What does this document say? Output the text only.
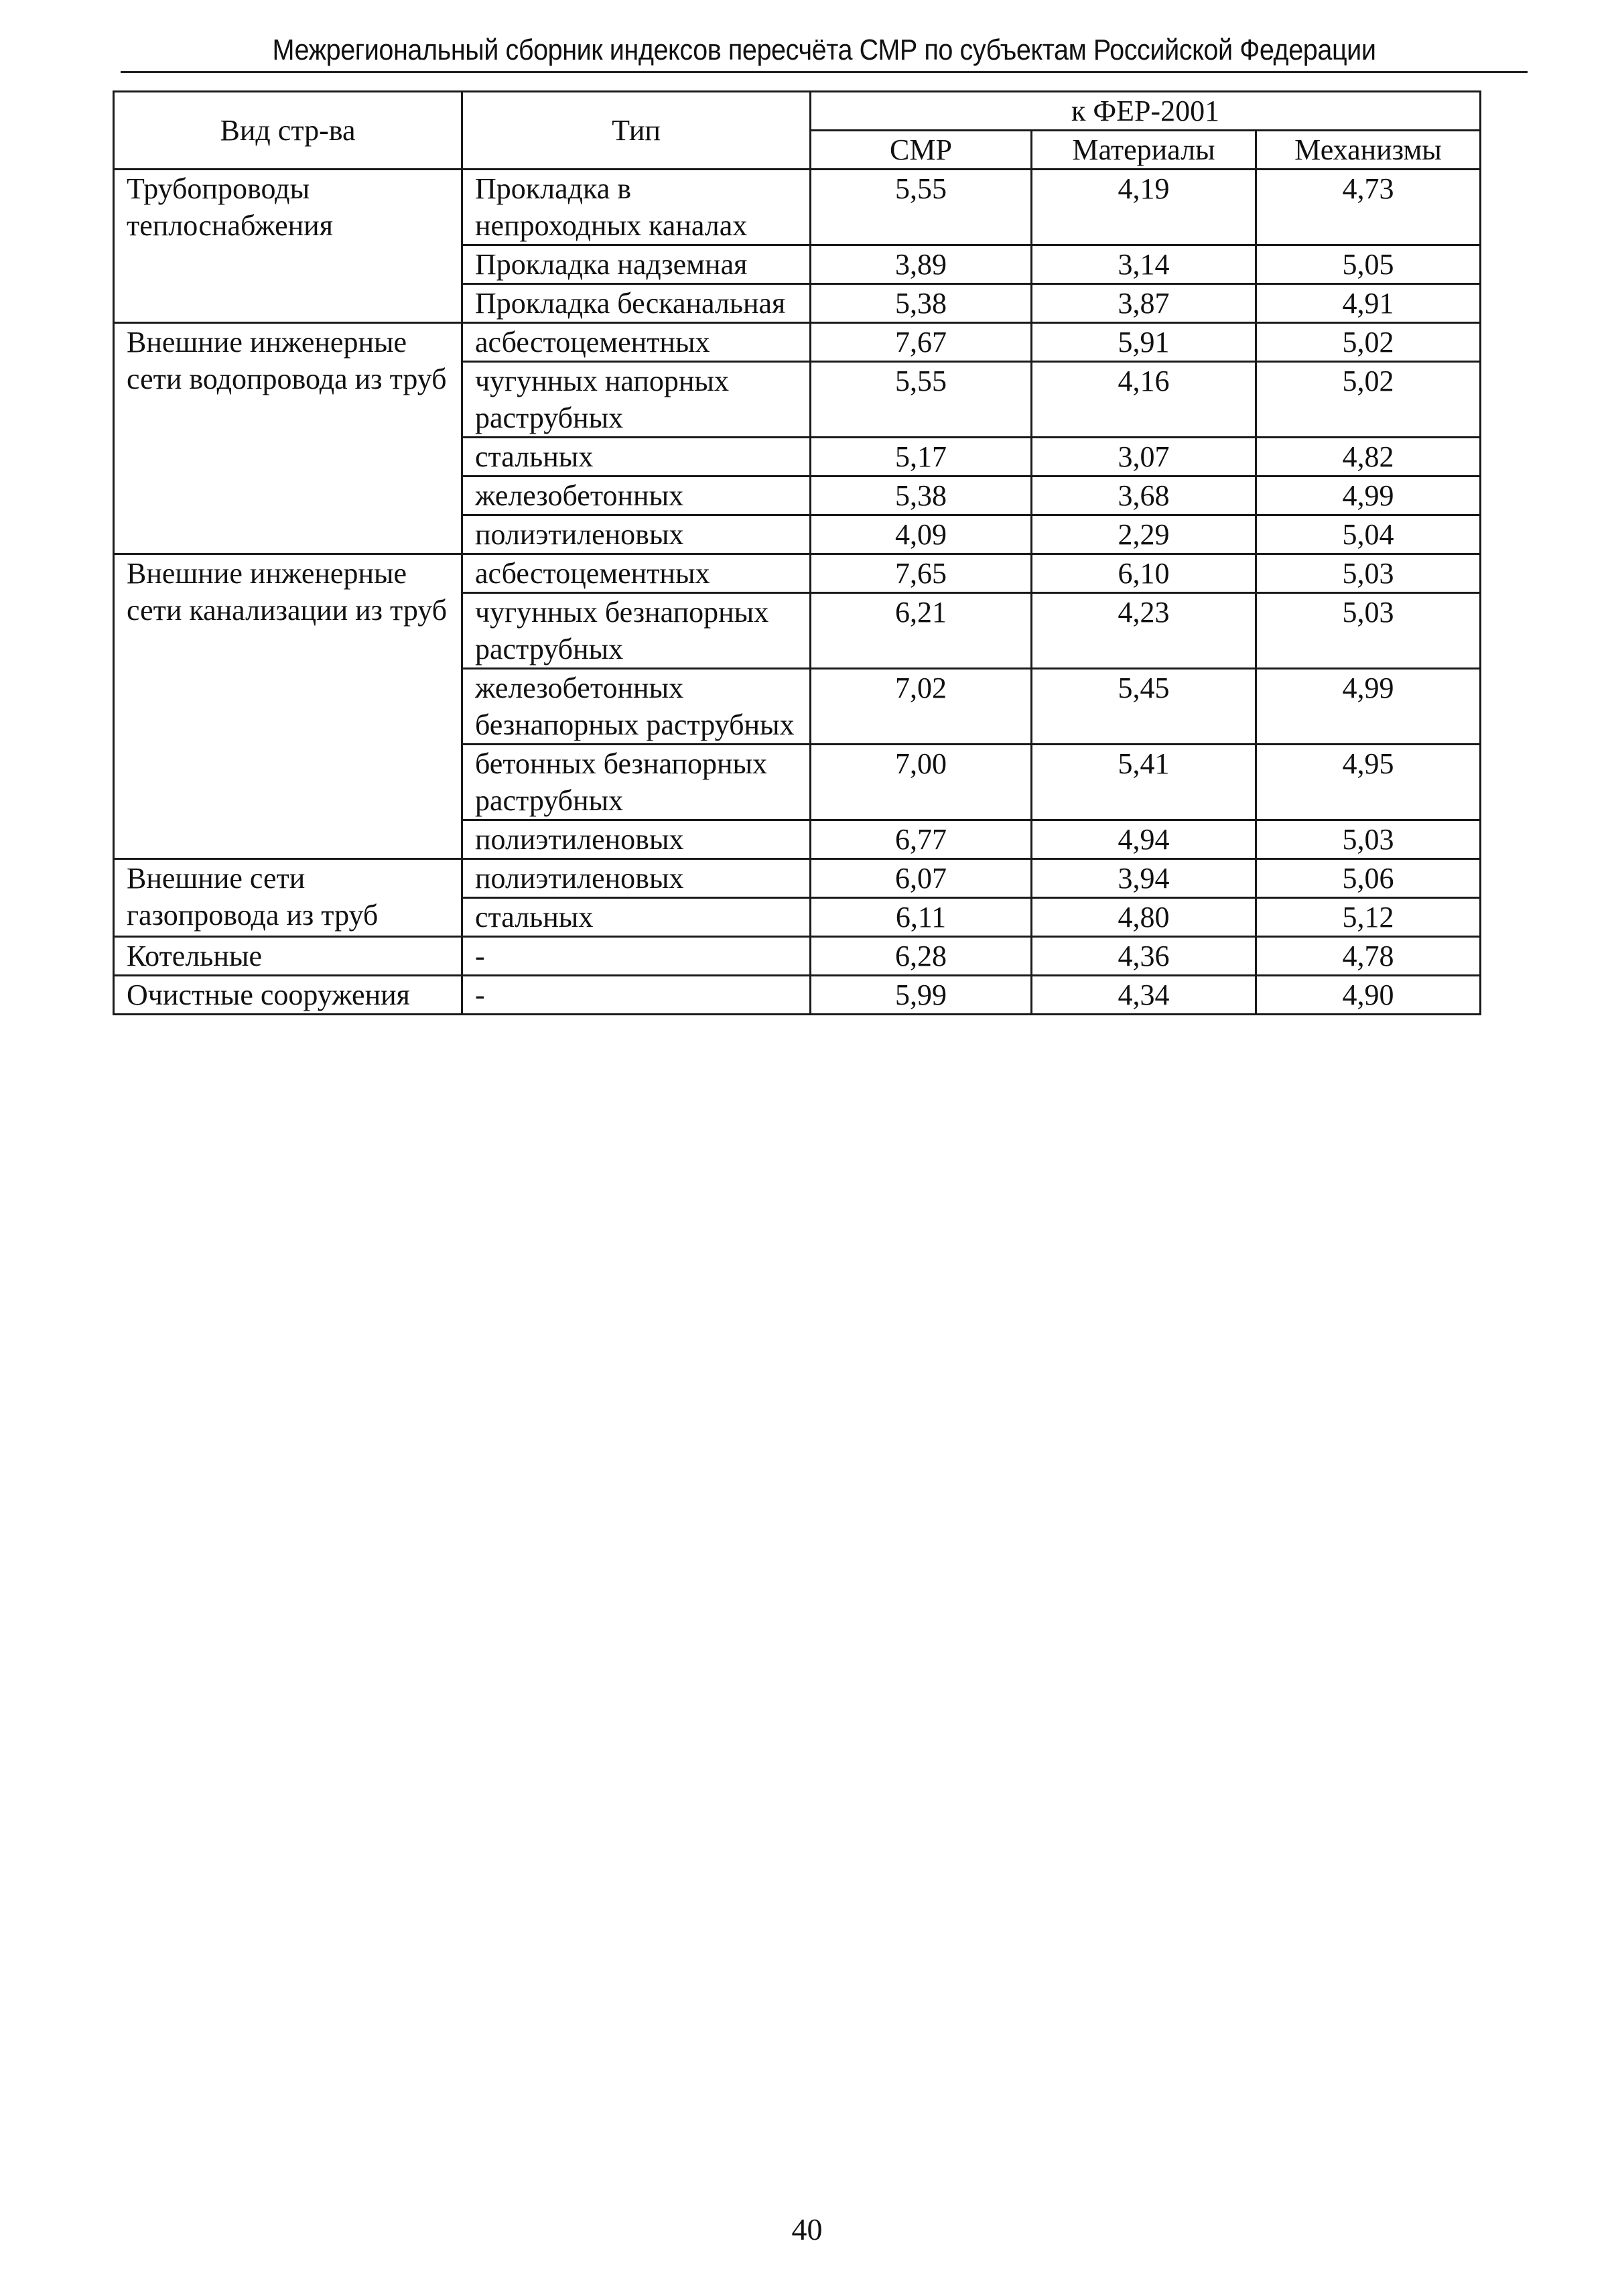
Межрегиональный сборник индексов пересчёта СМР по субъектам Российской Федерации
Вид стр-ва	Тип	к ФЕР-2001		
		СМР	Материалы	Механизмы
Трубопроводы теплоснабжения	Прокладка в непроходных каналах	5,55	4,19	4,73
	Прокладка надземная	3,89	3,14	5,05
	Прокладка бесканальная	5,38	3,87	4,91
Внешние инженерные сети водопровода из труб	асбестоцементных	7,67	5,91	5,02
	чугунных напорных раструбных	5,55	4,16	5,02
	стальных	5,17	3,07	4,82
	железобетонных	5,38	3,68	4,99
	полиэтиленовых	4,09	2,29	5,04
Внешние инженерные сети канализации из труб	асбестоцементных	7,65	6,10	5,03
	чугунных безнапорных раструбных	6,21	4,23	5,03
	железобетонных безнапорных раструбных	7,02	5,45	4,99
	бетонных безнапорных раструбных	7,00	5,41	4,95
	полиэтиленовых	6,77	4,94	5,03
Внешние сети газопровода из труб	полиэтиленовых	6,07	3,94	5,06
	стальных	6,11	4,80	5,12
Котельные	-	6,28	4,36	4,78
Очистные сооружения	-	5,99	4,34	4,90
40
